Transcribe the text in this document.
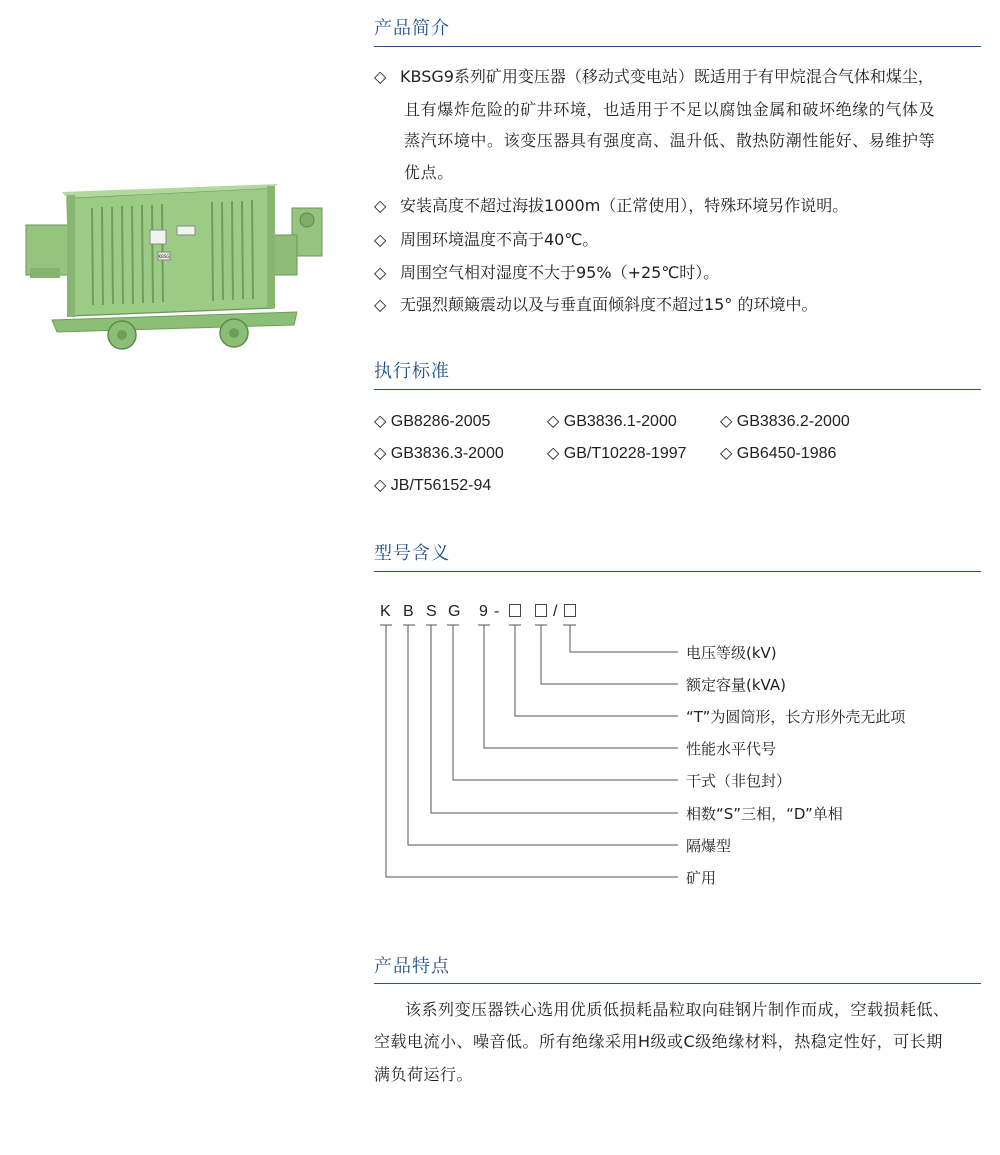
KBSG
产品简介
◇ KBSG9系列矿用变压器（移动式变电站）既适用于有甲烷混合气体和煤尘，
且有爆炸危险的矿井环境，也适用于不足以腐蚀金属和破坏绝缘的气体及
蒸汽环境中。该变压器具有强度高、温升低、散热防潮性能好、易维护等
优点。
◇ 安装高度不超过海拔1000m（正常使用），特殊环境另作说明。
◇ 周围环境温度不高于40℃。
◇ 周围空气相对湿度不大于95%（+25℃时）。
◇ 无强烈颠簸震动以及与垂直面倾斜度不超过15° 的环境中。
执行标准
◇ GB8286-2005	◇ GB3836.1-2000	◇ GB3836.2-2000
◇ GB3836.3-2000	◇ GB/T10228-1997 ◇ GB6450-1986
◇ JB/T56152-94
型号含义
K B S G 9 -	/
电压等级(kV)
额定容量(kVA)
“T”为圆筒形，长方形外壳无此项
性能水平代号
干式（非包封）
相数“S”三相，“D”单相
隔爆型
矿用
产品特点
该系列变压器铁心选用优质低损耗晶粒取向硅钢片制作而成，空载损耗低、
空载电流小、噪音低。所有绝缘采用H级或C级绝缘材料，热稳定性好，可长期
满负荷运行。
